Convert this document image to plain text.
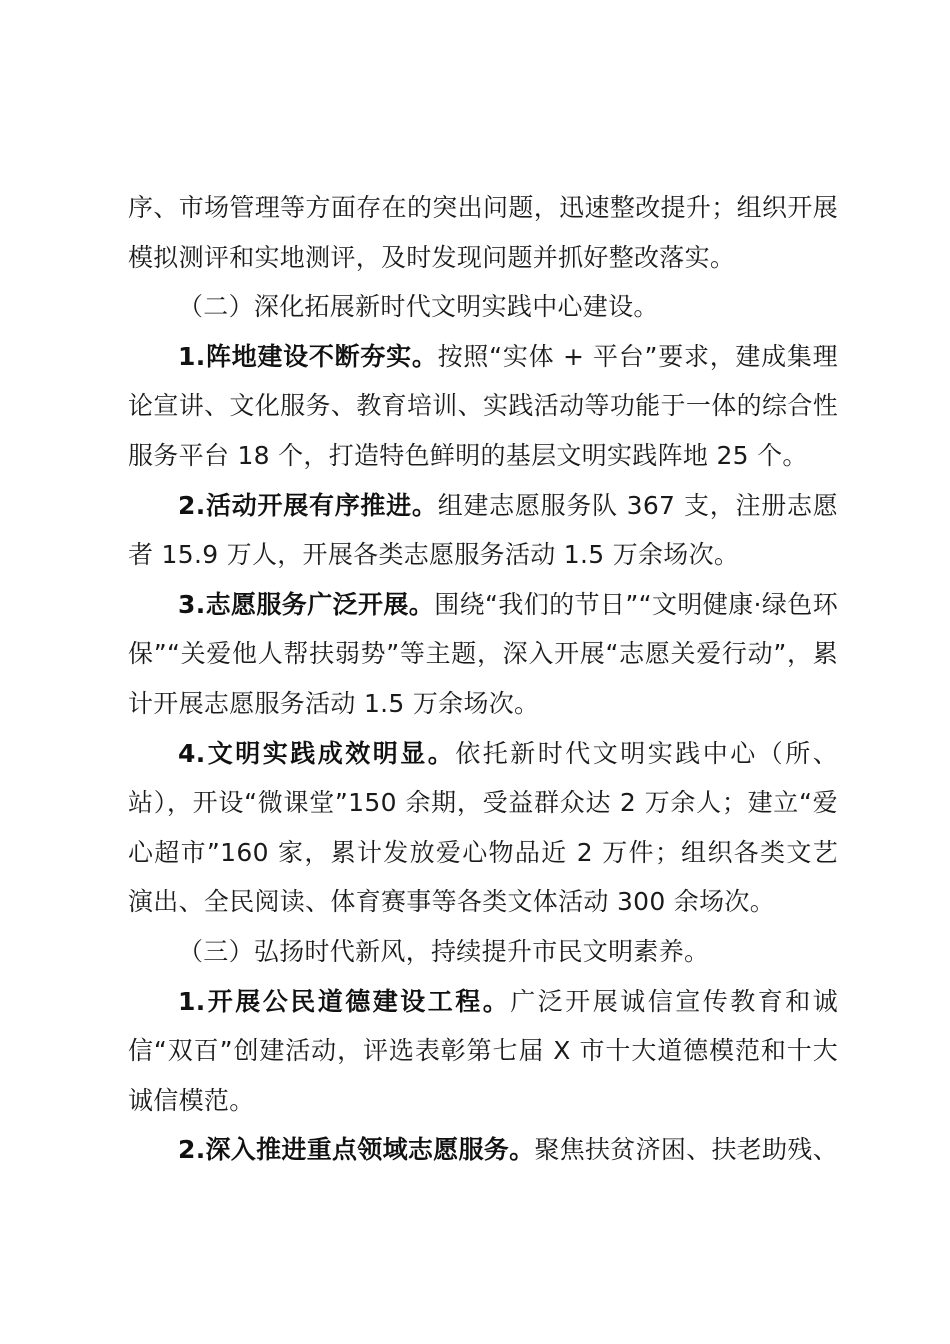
序、市场管理等方面存在的突出问题，迅速整改提升；组织开展模拟测评和实地测评，及时发现问题并抓好整改落实。

（二）深化拓展新时代文明实践中心建设。

1.阵地建设不断夯实。按照“实体 + 平台”要求，建成集理论宣讲、文化服务、教育培训、实践活动等功能于一体的综合性服务平台 18 个，打造特色鲜明的基层文明实践阵地 25 个。

2.活动开展有序推进。组建志愿服务队 367 支，注册志愿者 15.9 万人，开展各类志愿服务活动 1.5 万余场次。

3.志愿服务广泛开展。围绕“我们的节日”“文明健康·绿色环保”“关爱他人帮扶弱势”等主题，深入开展“志愿关爱行动”，累计开展志愿服务活动 1.5 万余场次。

4.文明实践成效明显。依托新时代文明实践中心（所、站），开设“微课堂”150 余期，受益群众达 2 万余人；建立“爱心超市”160 家，累计发放爱心物品近 2 万件；组织各类文艺演出、全民阅读、体育赛事等各类文体活动 300 余场次。

（三）弘扬时代新风，持续提升市民文明素养。

1.开展公民道德建设工程。广泛开展诚信宣传教育和诚信“双百”创建活动，评选表彰第七届 X 市十大道德模范和十大诚信模范。

2.深入推进重点领域志愿服务。聚焦扶贫济困、扶老助残、
